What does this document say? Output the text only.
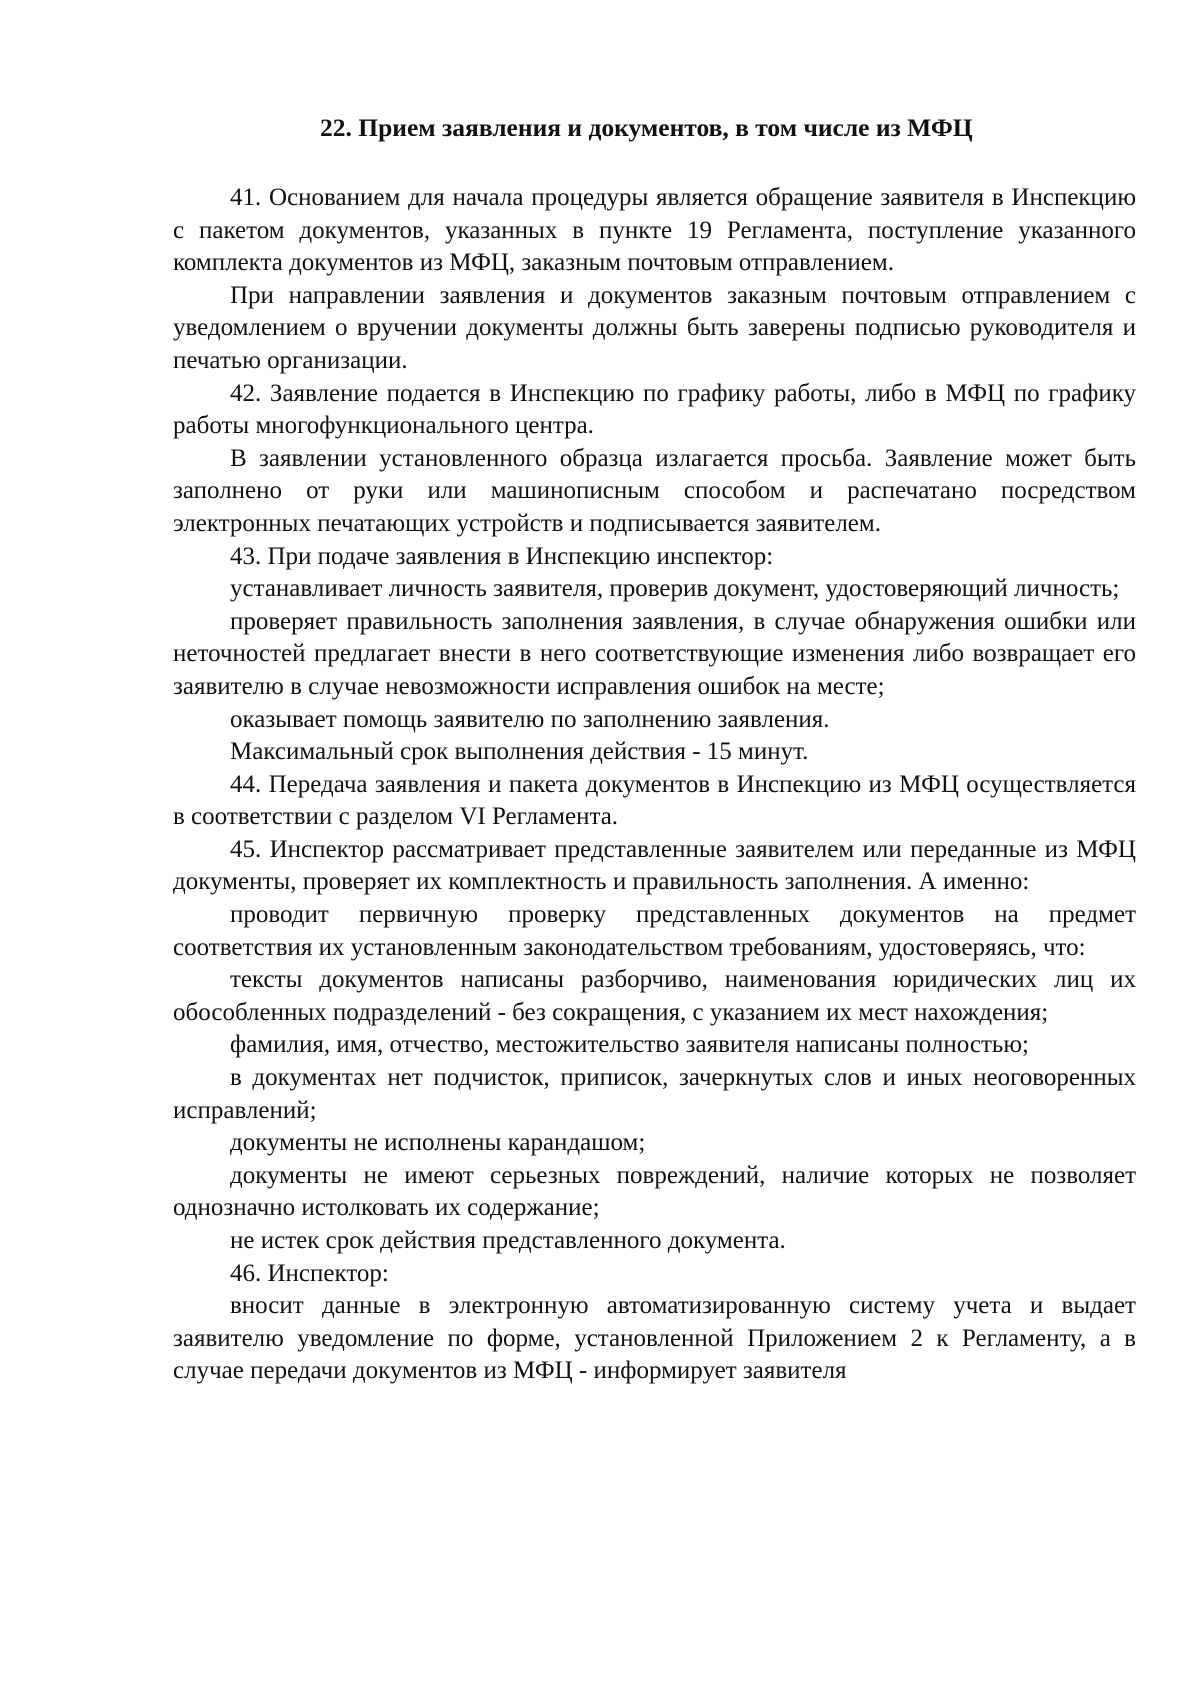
22. Прием заявления и документов, в том числе из МФЦ

41. Основанием для начала процедуры является обращение заявителя в Инспекцию с пакетом документов, указанных в пункте 19 Регламента, поступление указанного комплекта документов из МФЦ, заказным почтовым отправлением.

При направлении заявления и документов заказным почтовым отправлением с уведомлением о вручении документы должны быть заверены подписью руководителя и печатью организации.

42. Заявление подается в Инспекцию по графику работы, либо в МФЦ по графику работы многофункционального центра.

В заявлении установленного образца излагается просьба. Заявление может быть заполнено от руки или машинописным способом и распечатано посредством электронных печатающих устройств и подписывается заявителем.

43. При подаче заявления в Инспекцию инспектор:

устанавливает личность заявителя, проверив документ, удостоверяющий личность;

проверяет правильность заполнения заявления, в случае обнаружения ошибки или неточностей предлагает внести в него соответствующие изменения либо возвращает его заявителю в случае невозможности исправления ошибок на месте;

оказывает помощь заявителю по заполнению заявления.

Максимальный срок выполнения действия - 15 минут.

44. Передача заявления и пакета документов в Инспекцию из МФЦ осуществляется в соответствии с разделом VI Регламента.

45. Инспектор рассматривает представленные заявителем или переданные из МФЦ документы, проверяет их комплектность и правильность заполнения. А именно:

проводит первичную проверку представленных документов на предмет соответствия их установленным законодательством требованиям, удостоверяясь, что:

тексты документов написаны разборчиво, наименования юридических лиц их обособленных подразделений - без сокращения, с указанием их мест нахождения;

фамилия, имя, отчество, местожительство заявителя написаны полностью;

в документах нет подчисток, приписок, зачеркнутых слов и иных неоговоренных исправлений;

документы не исполнены карандашом;

документы не имеют серьезных повреждений, наличие которых не позволяет однозначно истолковать их содержание;

не истек срок действия представленного документа.

46. Инспектор:

вносит данные в электронную автоматизированную систему учета и выдает заявителю уведомление по форме, установленной Приложением 2 к Регламенту, а в случае передачи документов из МФЦ - информирует заявителя
